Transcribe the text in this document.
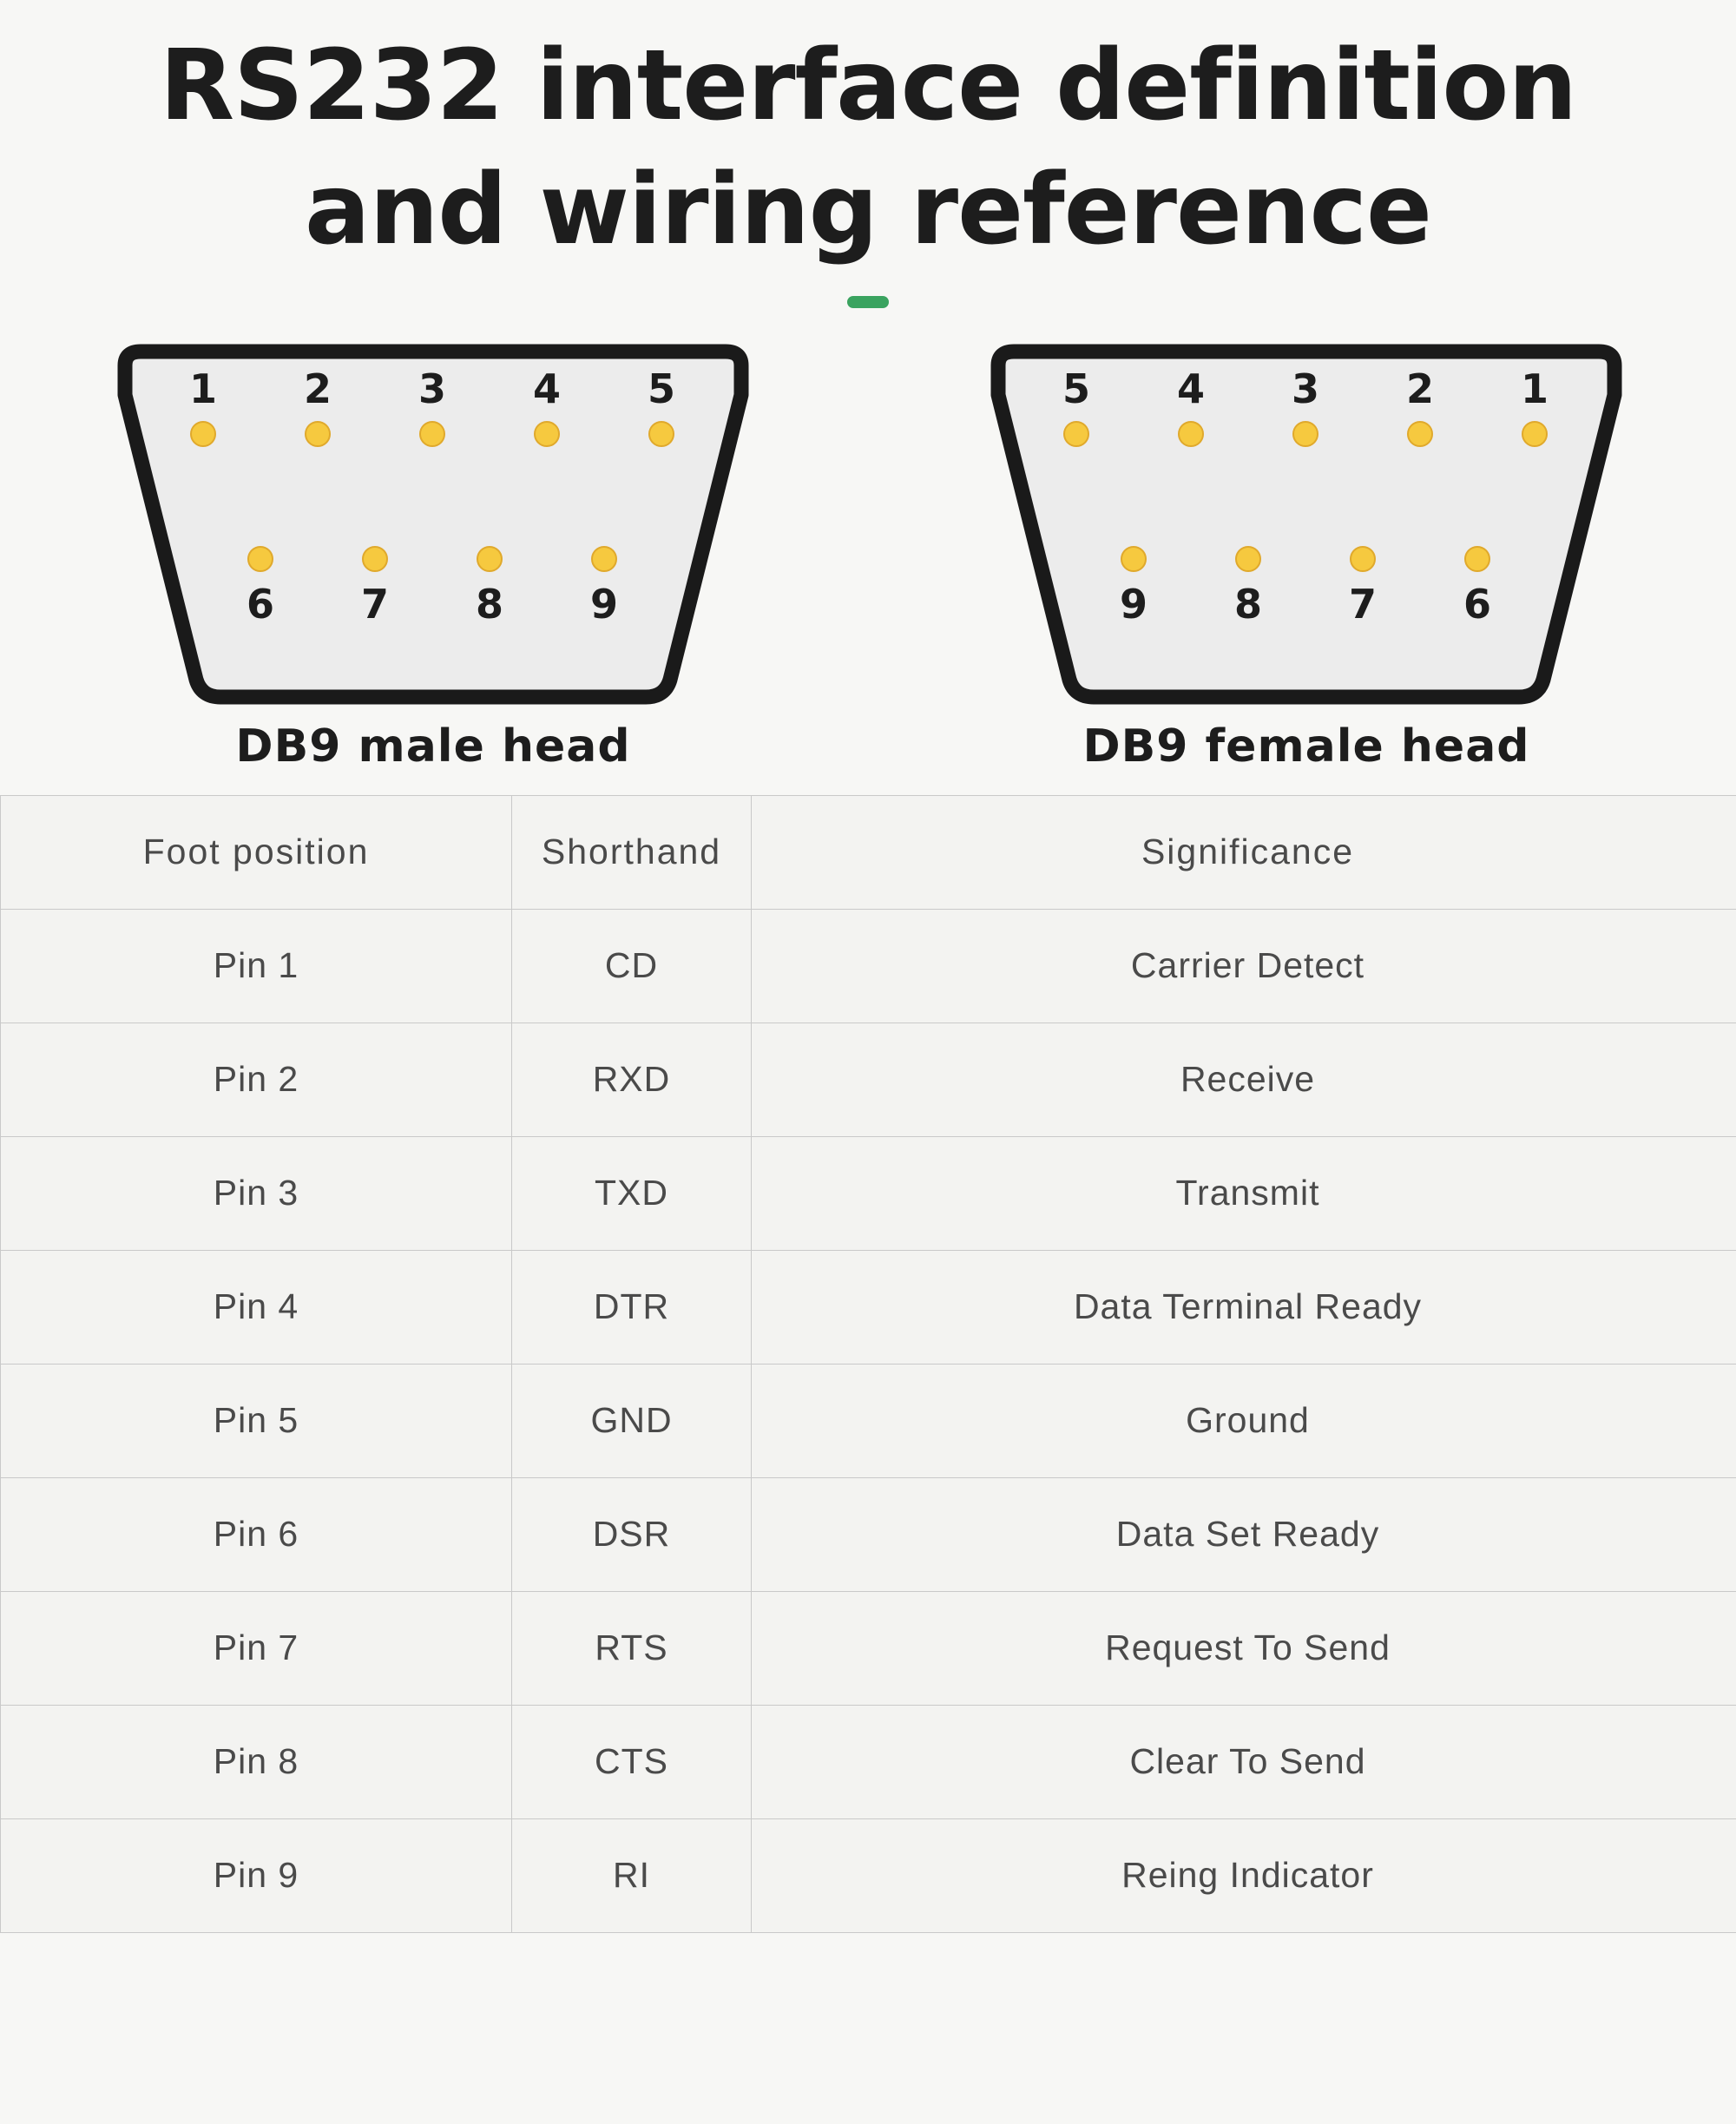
RS232 interface definition
and wiring reference
1	2	3	4	5
6	7	8	9
DB9 male head
5	4	3	2	1
9	8	7	6
DB9 female head
Foot position	Shorthand	Significance
Pin 1	CD	Carrier Detect
Pin 2	RXD	Receive
Pin 3	TXD	Transmit
Pin 4	DTR	Data Terminal Ready
Pin 5	GND	Ground
Pin 6	DSR	Data Set Ready
Pin 7	RTS	Request To Send
Pin 8	CTS	Clear To Send
Pin 9	RI	Reing Indicator
